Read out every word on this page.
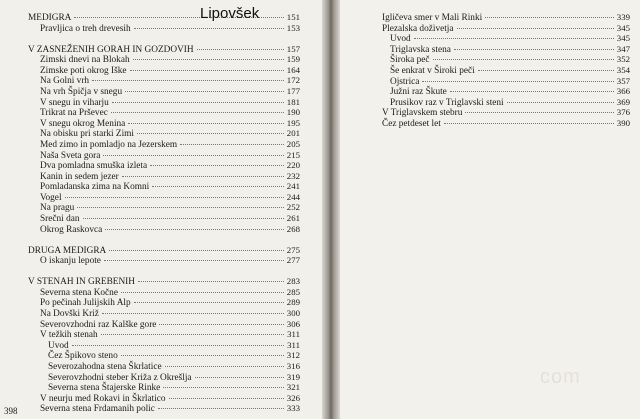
MEDIGRA	151
Pravljica o treh drevesih	153
V ZASNEŽENIH GORAH IN GOZDOVIH	157
Zimski dnevi na Blokah	159
Zimske poti okrog Iške	164
Na Golni vrh	172
Na vrh Špičja v snegu	177
V snegu in viharju	181
Trikrat na Prševec	190
V snegu okrog Menina	195
Na obisku pri starki Zimi	201
Med zimo in pomladjo na Jezerskem	205
Naša Sveta gora	215
Dva pomladna smuška izleta	220
Kanin in sedem jezer	232
Pomladanska zima na Komni	241
Vogel	244
Na pragu	252
Srečni dan	261
Okrog Raskovca	268
DRUGA MEDIGRA	275
O iskanju lepote	277
V STENAH IN GREBENIH	283
Severna stena Kočne	285
Po pečinah Julijskih Alp	289
Na Dovški Križ	300
Severovzhodni raz Kalške gore	306
V težkih stenah	311
Uvod	311
Čez Špikovo steno	312
Severozahodna stena Škrlatice	316
Severovzhodni steber Križa z Okrešlja	319
Severna stena Štajerske Rinke	321
V neurju med Rokavi in Škrlatico	326
Severna stena Frdamanih polic	333
398
Igličeva smer v Mali Rinki	339
Plezalska doživetja	345
Uvod	345
Triglavska stena	347
Široka peč	352
Še enkrat v Široki peči	354
Ojstrica	357
Južni raz Škute	366
Prusikov raz v Triglavski steni	369
V Triglavskem stebru	376
Čez petdeset let	390
Lipovšek
com
